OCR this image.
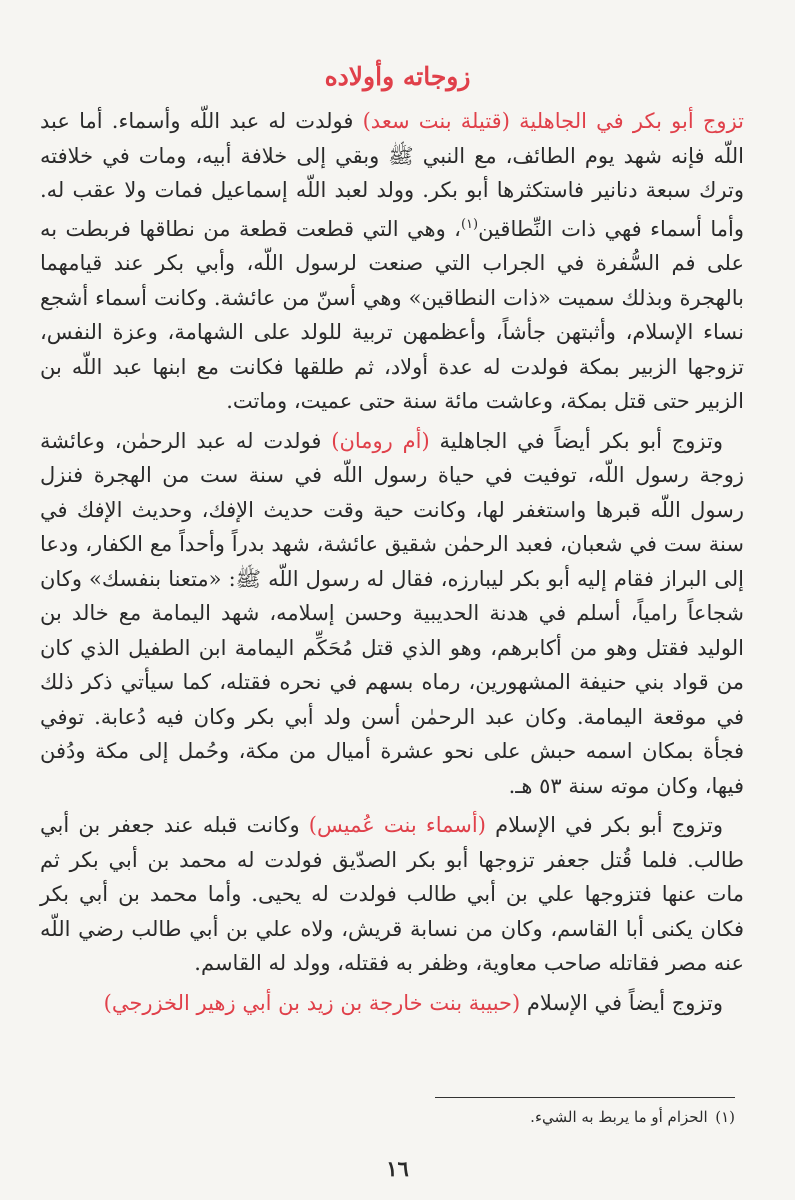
زوجاته وأولاده

تزوج أبو بكر في الجاهلية (قتيلة بنت سعد) فولدت له عبد اللّه وأسماء. أما عبد اللّه فإنه شهد يوم الطائف، مع النبي ﷺ وبقي إلى خلافة أبيه، ومات في خلافته وترك سبعة دنانير فاستكثرها أبو بكر. وولد لعبد اللّه إسماعيل فمات ولا عقب له. وأما أسماء فهي ذات النِّطاقين$^{(١)}$، وهي التي قطعت قطعة من نطاقها فربطت به على فم السُّفرة في الجراب التي صنعت لرسول اللّه، وأبي بكر عند قيامهما بالهجرة وبذلك سميت «ذات النطاقين» وهي أسنّ من عائشة. وكانت أسماء أشجع نساء الإسلام، وأثبتهن جأشاً، وأعظمهن تربية للولد على الشهامة، وعزة النفس، تزوجها الزبير بمكة فولدت له عدة أولاد، ثم طلقها فكانت مع ابنها عبد اللّه بن الزبير حتى قتل بمكة، وعاشت مائة سنة حتى عميت، وماتت.

 وتزوج أبو بكر أيضاً في الجاهلية (أم رومان) فولدت له عبد الرحمٰن، وعائشة زوجة رسول اللّه، توفيت في حياة رسول اللّه في سنة ست من الهجرة فنزل رسول اللّه قبرها واستغفر لها، وكانت حية وقت حديث الإفك، وحديث الإفك في سنة ست في شعبان، فعبد الرحمٰن شقيق عائشة، شهد بدراً وأحداً مع الكفار، ودعا إلى البراز فقام إليه أبو بكر ليبارزه، فقال له رسول اللّه ﷺ: «متعنا بنفسك» وكان شجاعاً رامياً، أسلم في هدنة الحديبية وحسن إسلامه، شهد اليمامة مع خالد بن الوليد فقتل وهو من أكابرهم، وهو الذي قتل مُحَكِّم اليمامة ابن الطفيل الذي كان من قواد بني حنيفة المشهورين، رماه بسهم في نحره فقتله، كما سيأتي ذكر ذلك في موقعة اليمامة. وكان عبد الرحمٰن أسن ولد أبي بكر وكان فيه دُعابة. توفي فجأة بمكان اسمه حبش على نحو عشرة أميال من مكة، وحُمل إلى مكة ودُفن فيها، وكان موته سنة ٥٣ هـ.

 وتزوج أبو بكر في الإسلام (أسماء بنت عُميس) وكانت قبله عند جعفر بن أبي طالب. فلما قُتل جعفر تزوجها أبو بكر الصدّيق فولدت له محمد بن أبي بكر ثم مات عنها فتزوجها علي بن أبي طالب فولدت له يحيى. وأما محمد بن أبي بكر فكان يكنى أبا القاسم، وكان من نسابة قريش، ولاه علي بن أبي طالب رضي اللّه عنه مصر فقاتله صاحب معاوية، وظفر به فقتله، وولد له القاسم.

 وتزوج أيضاً في الإسلام (حبيبة بنت خارجة بن زيد بن أبي زهير الخزرجي)

(١) الحزام أو ما يربط به الشيء.
١٦
